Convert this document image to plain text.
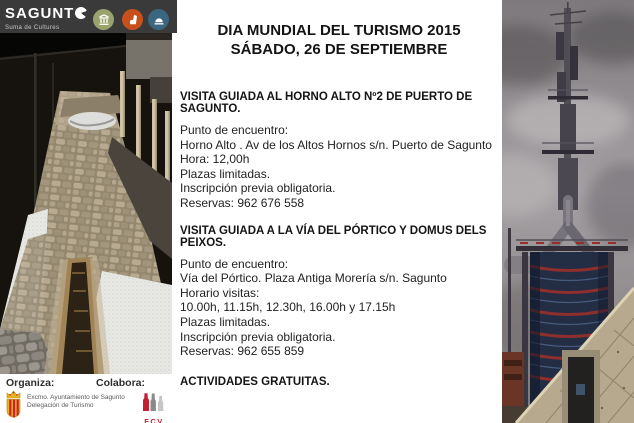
SAGUNT
Suma de Cultures
Organiza:	Colabora:
Excmo. Ayuntamiento de Sagunto
Delegación de Turismo
FCV
DIA MUNDIAL DEL TURISMO 2015
SÁBADO, 26 DE SEPTIEMBRE
VISITA GUIADA AL HORNO ALTO Nº2 DE PUERTO DE SAGUNTO.
Punto de encuentro:
Horno Alto . Av de los Altos Hornos s/n. Puerto de Sagunto
Hora: 12,00h
Plazas limitadas.
Inscripción previa obligatoria.
Reservas: 962 676 558
VISITA GUIADA A LA VÍA DEL PÓRTICO Y DOMUS DELS PEIXOS.
Punto de encuentro:
Vía del Pórtico. Plaza Antiga Morería s/n. Sagunto
Horario visitas:
10.00h, 11.15h, 12.30h, 16.00h y 17.15h
Plazas limitadas.
Inscripción previa obligatoria.
Reservas: 962 655 859
ACTIVIDADES GRATUITAS.
